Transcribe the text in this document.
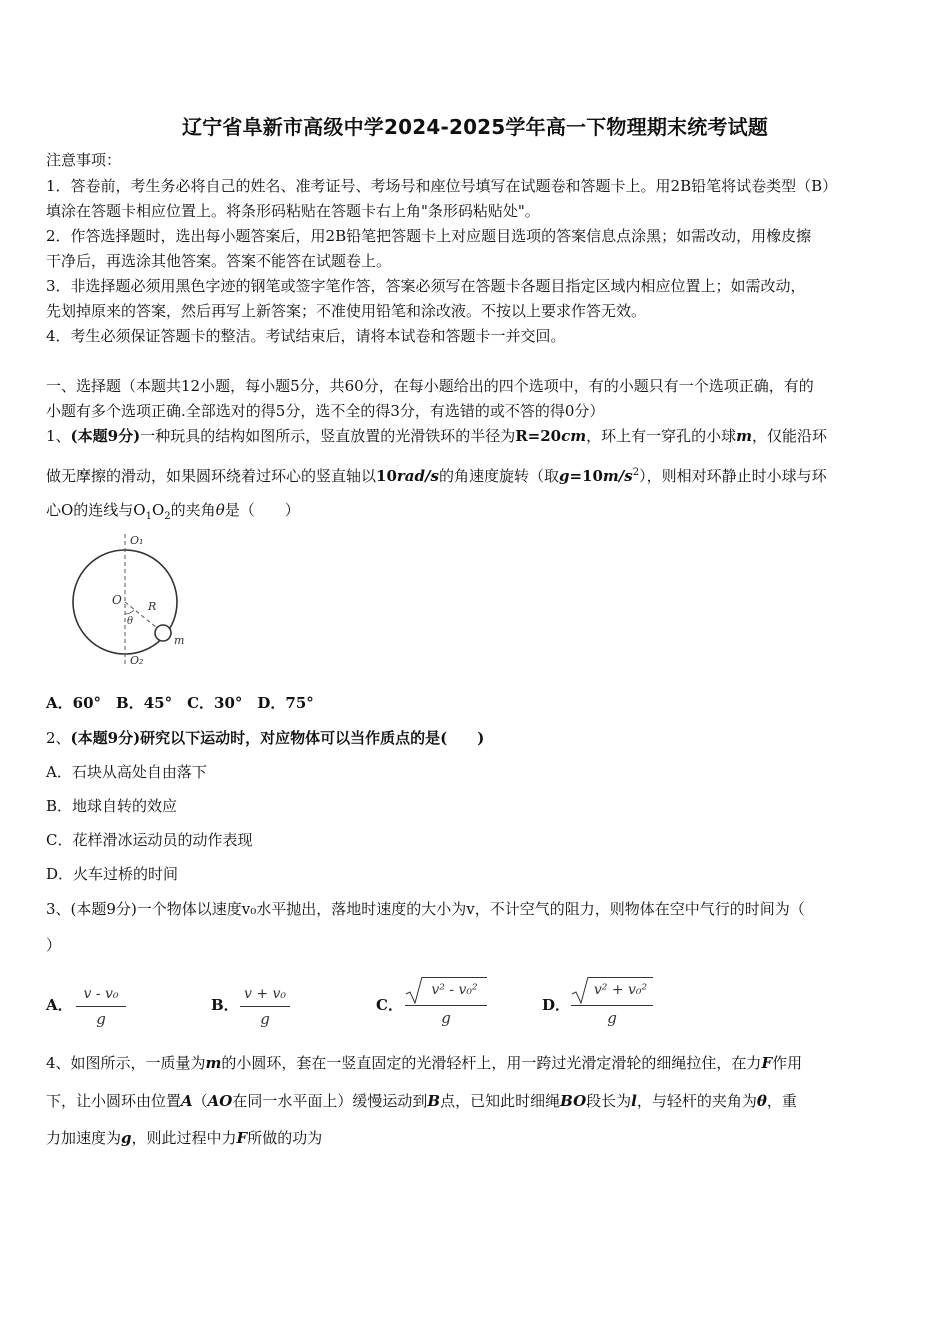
辽宁省阜新市高级中学2024-2025学年高一下物理期末统考试题
注意事项：
1．答卷前，考生务必将自己的姓名、准考证号、考场号和座位号填写在试题卷和答题卡上。用2B铅笔将试卷类型（B）
填涂在答题卡相应位置上。将条形码粘贴在答题卡右上角"条形码粘贴处"。
2．作答选择题时，选出每小题答案后，用2B铅笔把答题卡上对应题目选项的答案信息点涂黑；如需改动，用橡皮擦
干净后，再选涂其他答案。答案不能答在试题卷上。
3．非选择题必须用黑色字迹的钢笔或签字笔作答，答案必须写在答题卡各题目指定区域内相应位置上；如需改动，
先划掉原来的答案，然后再写上新答案；不准使用铅笔和涂改液。不按以上要求作答无效。
4．考生必须保证答题卡的整洁。考试结束后，请将本试卷和答题卡一并交回。
一、选择题（本题共12小题，每小题5分，共60分，在每小题给出的四个选项中，有的小题只有一个选项正确，有的
小题有多个选项正确.全部选对的得5分，选不全的得3分，有选错的或不答的得0分）
1、(本题9分)一种玩具的结构如图所示，竖直放置的光滑铁环的半径为R=20cm，环上有一穿孔的小球m，仅能沿环
做无摩擦的滑动，如果圆环绕着过环心的竖直轴以10rad/s的角速度旋转（取$g=10m/s^2$），则相对环静止时小球与环
心O的连线与$O_1O_2$的夹角θ是（　　）
O₁
O R
θ
m
O₂
A．60°　B．45°　C．30°　D．75°
2、(本题9分)研究以下运动时，对应物体可以当作质点的是(　　)
A．石块从高处自由落下
B．地球自转的效应
C．花样滑冰运动员的动作表现
D．火车过桥的时间
3、(本题9分)一个物体以速度v₀水平抛出，落地时速度的大小为v，不计空气的阻力，则物体在空中气行的时间为（
）
A．
v - v₀
g
B．
v + v₀
g
C．
v² - v₀²
g
D．
v² + v₀²
g
4、如图所示，一质量为m的小圆环，套在一竖直固定的光滑轻杆上，用一跨过光滑定滑轮的细绳拉住，在力F作用
下，让小圆环由位置A（AO在同一水平面上）缓慢运动到B点，已知此时细绳BO段长为l，与轻杆的夹角为θ，重
力加速度为g，则此过程中力F所做的功为
